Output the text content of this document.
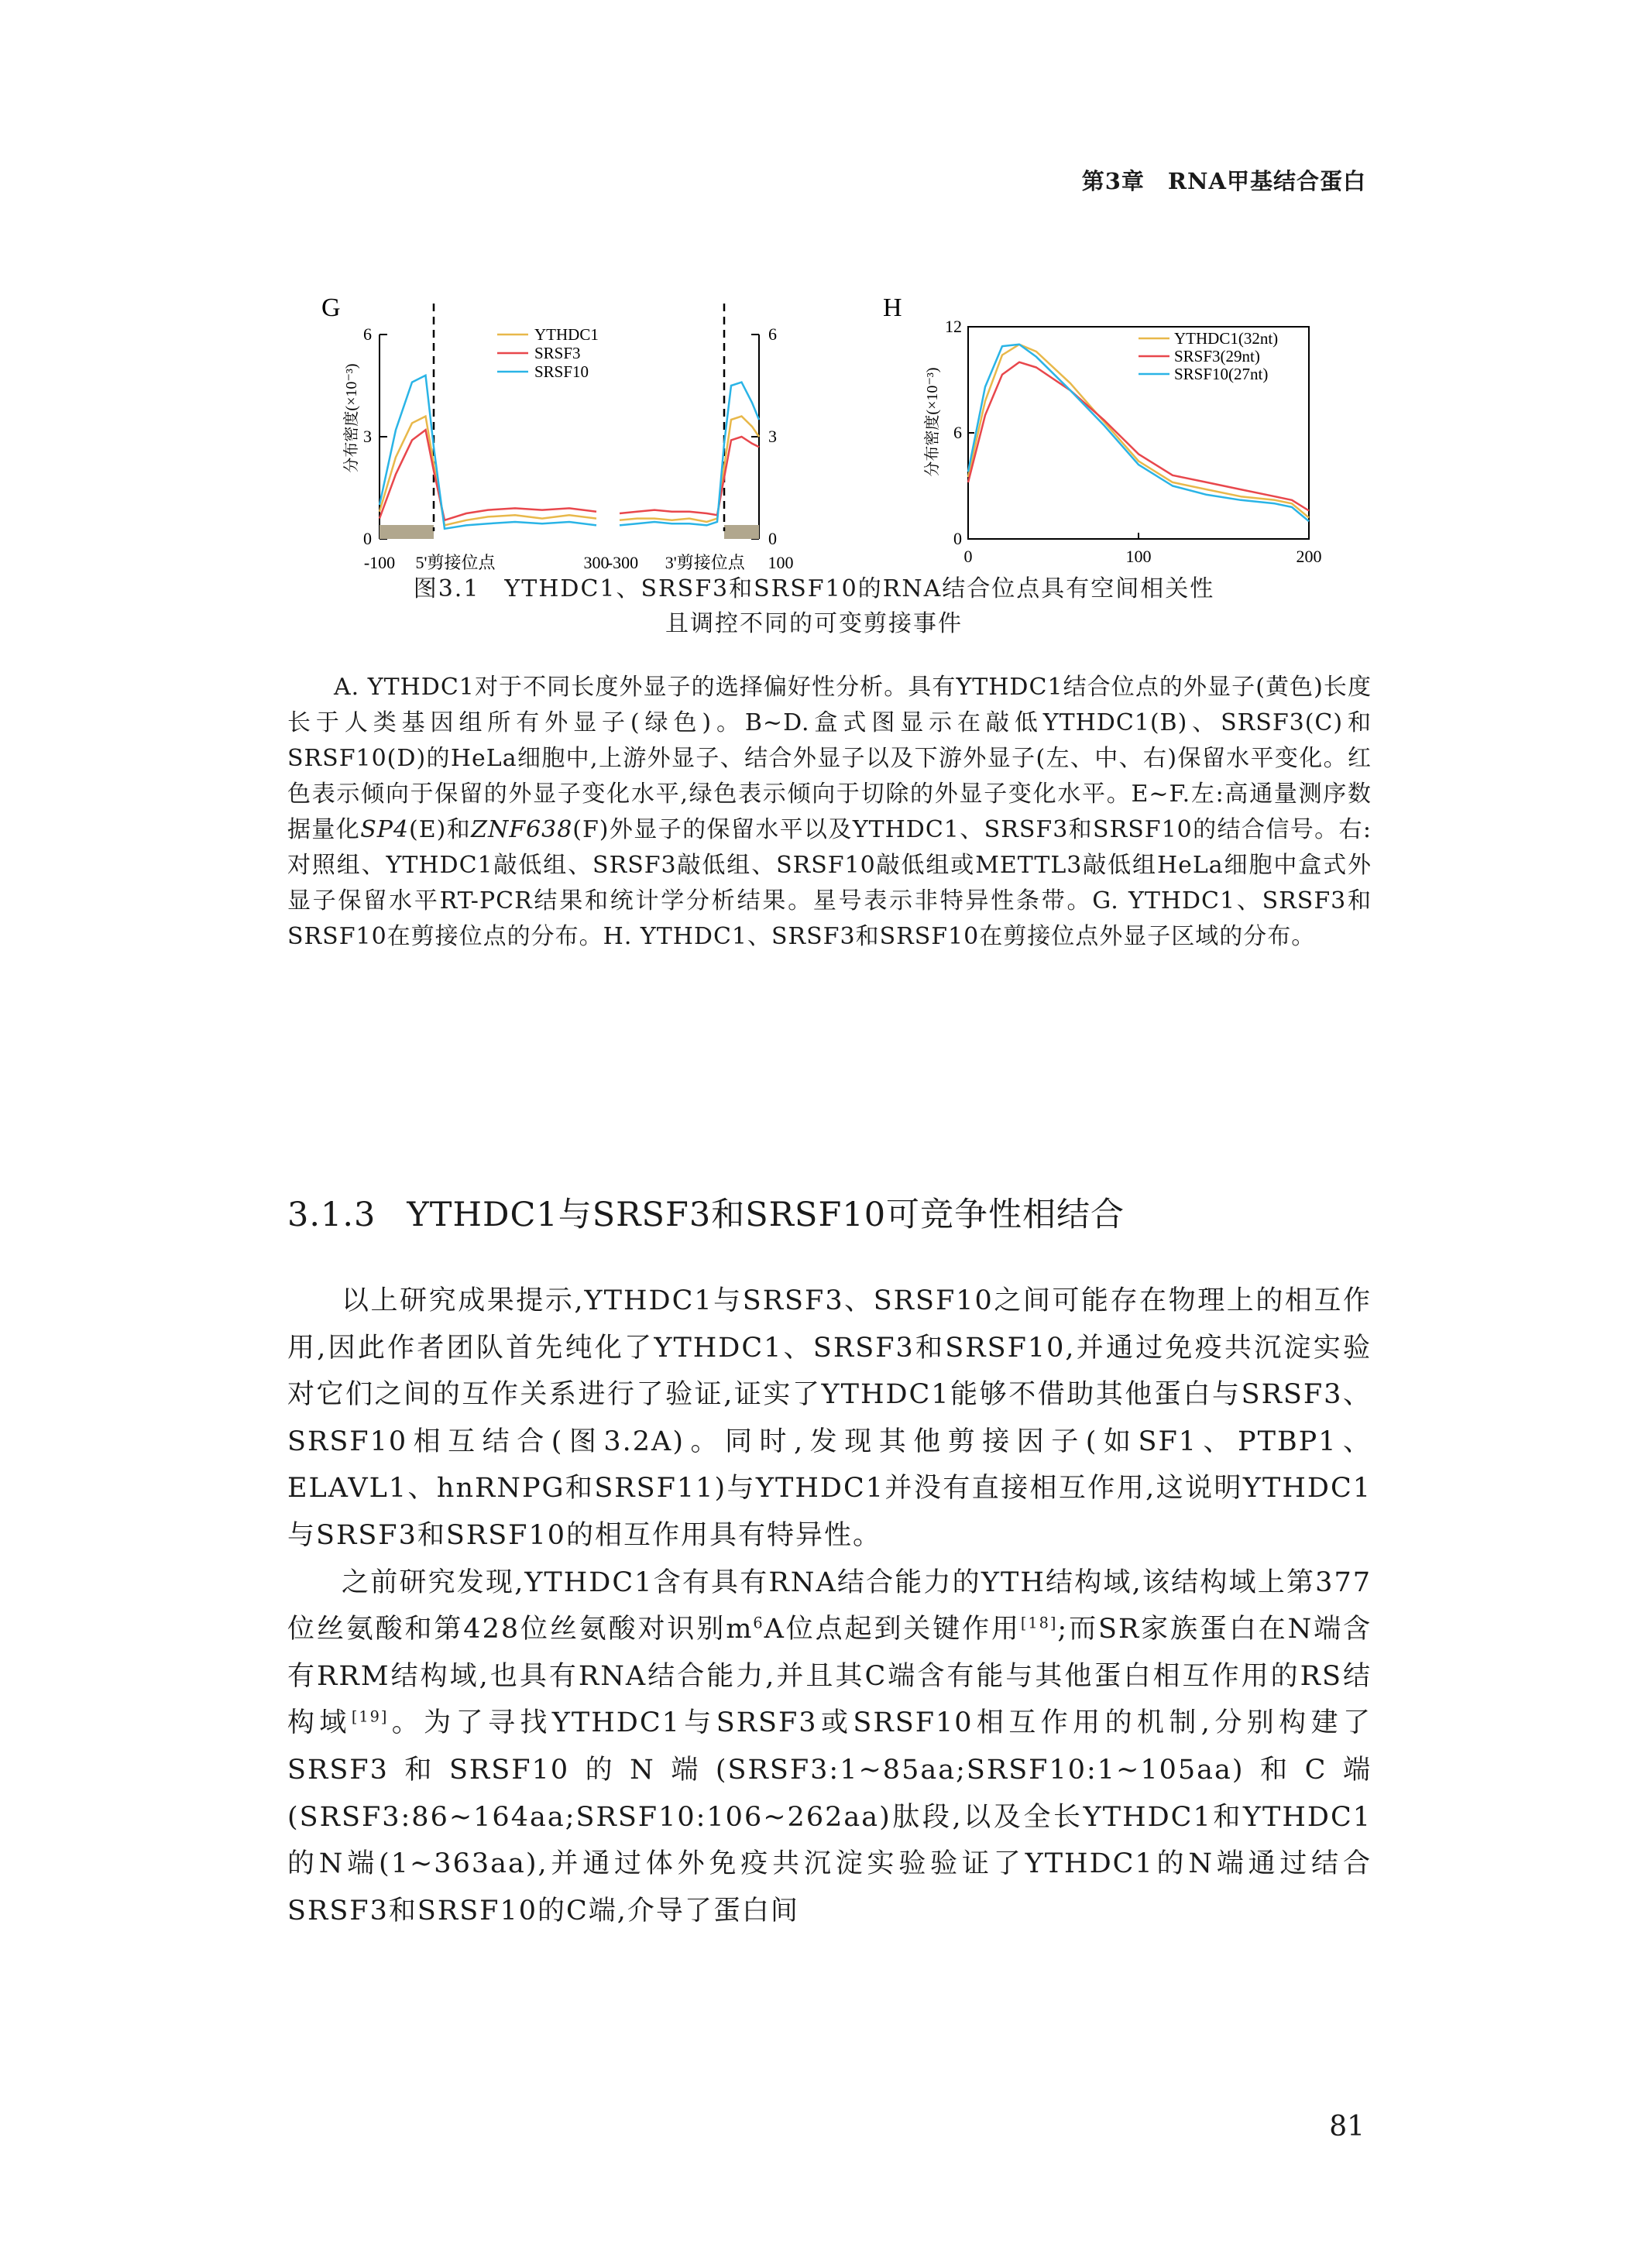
第3章　RNA甲基结合蛋白
G
分布密度(×10⁻³)
0
3
6
0
3
6
-100 5'剪接位点	300
-300 3'剪接位点 100
YTHDC1
SRSF3
SRSF10
H
分布密度(×10⁻³)
0
6
12
0	100	200
YTHDC1(32nt)
SRSF3(29nt)
SRSF10(27nt)
图3.1　YTHDC1、SRSF3和SRSF10的RNA结合位点具有空间相关性
且调控不同的可变剪接事件

A. YTHDC1对于不同长度外显子的选择偏好性分析。具有YTHDC1结合位点的外显子(黄色)长度长于人类基因组所有外显子(绿色)。B~D.盒式图显示在敲低YTHDC1(B)、SRSF3(C)和SRSF10(D)的HeLa细胞中,上游外显子、结合外显子以及下游外显子(左、中、右)保留水平变化。红色表示倾向于保留的外显子变化水平,绿色表示倾向于切除的外显子变化水平。E~F.左:高通量测序数据量化SP4(E)和ZNF638(F)外显子的保留水平以及YTHDC1、SRSF3和SRSF10的结合信号。右:对照组、YTHDC1敲低组、SRSF3敲低组、SRSF10敲低组或METTL3敲低组HeLa细胞中盒式外显子保留水平RT-PCR结果和统计学分析结果。星号表示非特异性条带。G. YTHDC1、SRSF3和SRSF10在剪接位点的分布。H. YTHDC1、SRSF3和SRSF10在剪接位点外显子区域的分布。

3.1.3 YTHDC1与SRSF3和SRSF10可竞争性相结合

以上研究成果提示,YTHDC1与SRSF3、SRSF10之间可能存在物理上的相互作用,因此作者团队首先纯化了YTHDC1、SRSF3和SRSF10,并通过免疫共沉淀实验对它们之间的互作关系进行了验证,证实了YTHDC1能够不借助其他蛋白与SRSF3、SRSF10相互结合(图3.2A)。同时,发现其他剪接因子(如SF1、PTBP1、ELAVL1、hnRNPG和SRSF11)与YTHDC1并没有直接相互作用,这说明YTHDC1与SRSF3和SRSF10的相互作用具有特异性。

之前研究发现,YTHDC1含有具有RNA结合能力的YTH结构域,该结构域上第377位丝氨酸和第428位丝氨酸对识别$m^6A$位点起到关键作用[18];而SR家族蛋白在N端含有RRM结构域,也具有RNA结合能力,并且其C端含有能与其他蛋白相互作用的RS结构域[19]。为了寻找YTHDC1与SRSF3或SRSF10相互作用的机制,分别构建了SRSF3和SRSF10的N端(SRSF3:1~85aa;SRSF10:1~105aa)和C端(SRSF3:86~164aa;SRSF10:106~262aa)肽段,以及全长YTHDC1和YTHDC1的N端(1~363aa),并通过体外免疫共沉淀实验验证了YTHDC1的N端通过结合SRSF3和SRSF10的C端,介导了蛋白间

81
